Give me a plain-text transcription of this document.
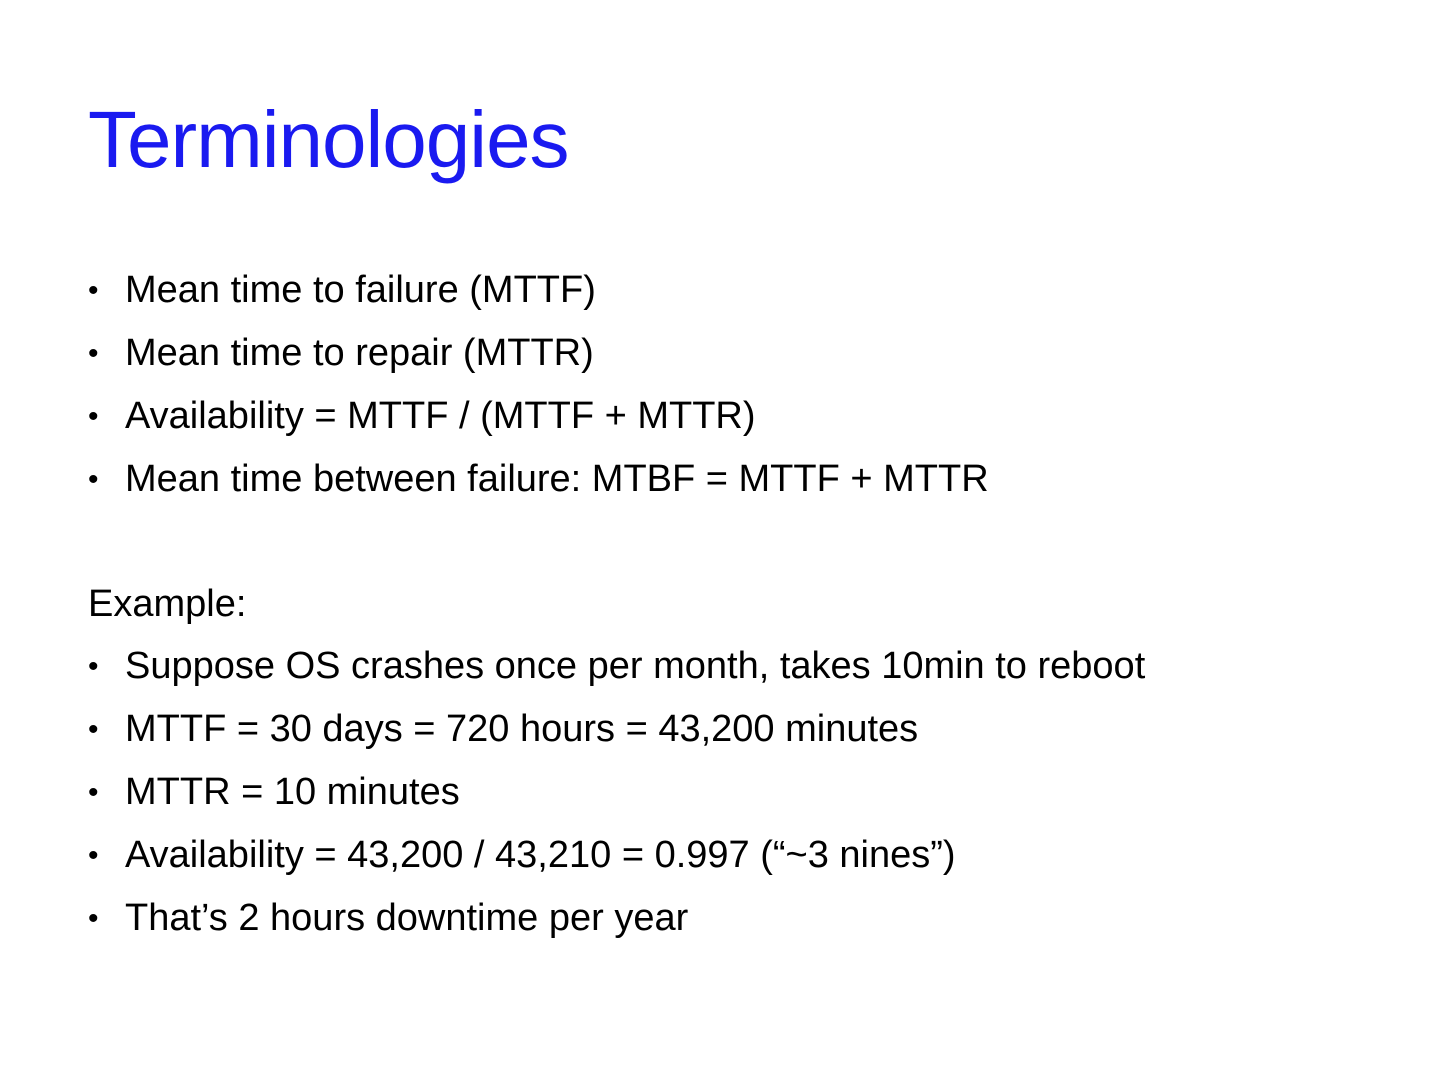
Terminologies
• Mean time to failure (MTTF)
• Mean time to repair (MTTR)
• Availability = MTTF / (MTTF + MTTR)
• Mean time between failure: MTBF = MTTF + MTTR
Example:
• Suppose OS crashes once per month, takes 10min to reboot
• MTTF = 30 days = 720 hours = 43,200 minutes
• MTTR = 10 minutes
• Availability = 43,200 / 43,210 = 0.997 (“~3 nines”)
• That’s 2 hours downtime per year
